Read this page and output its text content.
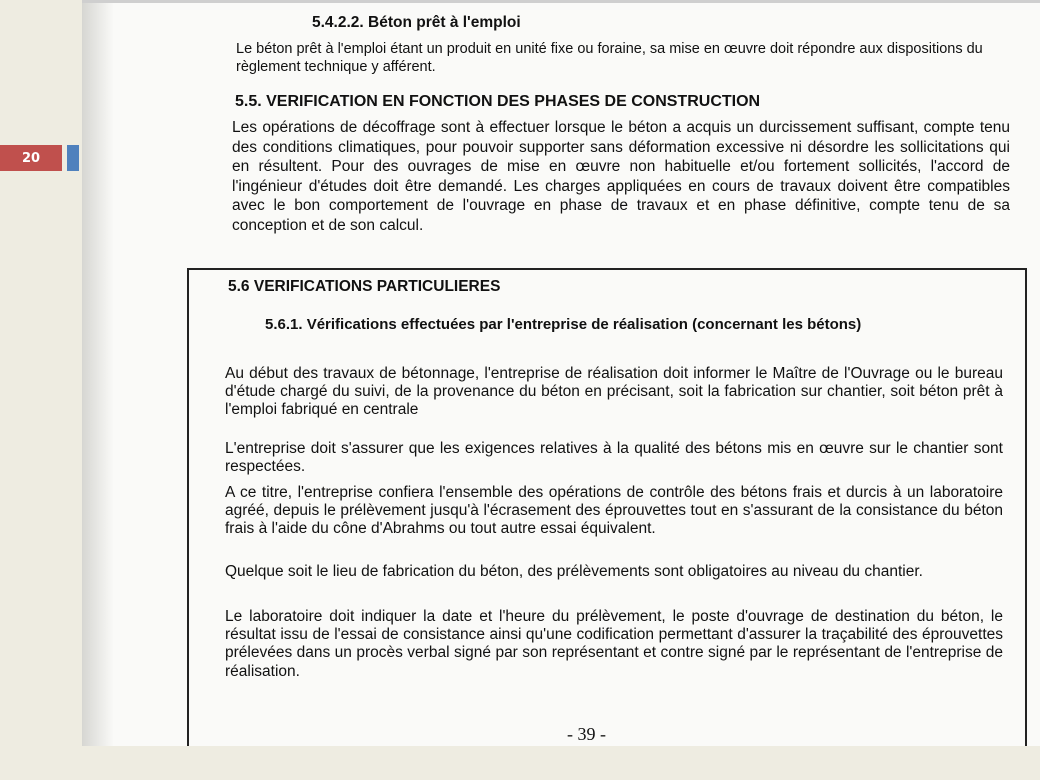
20
5.4.2.2. Béton prêt à l'emploi
Le béton prêt à l'emploi étant un produit en unité fixe ou foraine, sa mise en œuvre doit répondre aux dispositions du règlement technique y afférent.
5.5. VERIFICATION EN FONCTION DES PHASES DE CONSTRUCTION
Les opérations de décoffrage sont à effectuer lorsque le béton a acquis un durcissement suffisant, compte tenu des conditions climatiques, pour pouvoir supporter sans déformation excessive ni désordre les sollicitations qui en résultent. Pour des ouvrages de mise en œuvre non habituelle et/ou fortement sollicités, l'accord de l'ingénieur d'études doit être demandé. Les charges appliquées en cours de travaux doivent être compatibles avec le bon comportement de l'ouvrage en phase de travaux et en phase définitive, compte tenu de sa conception et de son calcul.
5.6 VERIFICATIONS PARTICULIERES
5.6.1. Vérifications effectuées par l'entreprise de réalisation (concernant les bétons)
Au début des travaux de bétonnage, l'entreprise de réalisation doit informer le Maître de l'Ouvrage ou le bureau d'étude chargé du suivi, de la provenance du béton en précisant, soit la fabrication sur chantier, soit béton prêt à l'emploi fabriqué en centrale
L'entreprise doit s'assurer que les exigences relatives à la qualité des bétons mis en œuvre sur le chantier sont respectées.
A ce titre, l'entreprise confiera l'ensemble des opérations de contrôle des bétons frais et durcis à un laboratoire agréé, depuis le prélèvement jusqu'à l'écrasement des éprouvettes tout en s'assurant de la consistance du béton frais à l'aide du cône d'Abrahms ou tout autre essai équivalent.
Quelque soit le lieu de fabrication du béton, des prélèvements sont obligatoires au niveau du chantier.
Le laboratoire doit indiquer la date et l'heure du prélèvement, le poste d'ouvrage de destination du béton, le résultat issu de l'essai de consistance ainsi qu'une codification permettant d'assurer la traçabilité des éprouvettes prélevées dans un procès verbal signé par son représentant et contre signé par le représentant de l'entreprise de réalisation.
- 39 -
